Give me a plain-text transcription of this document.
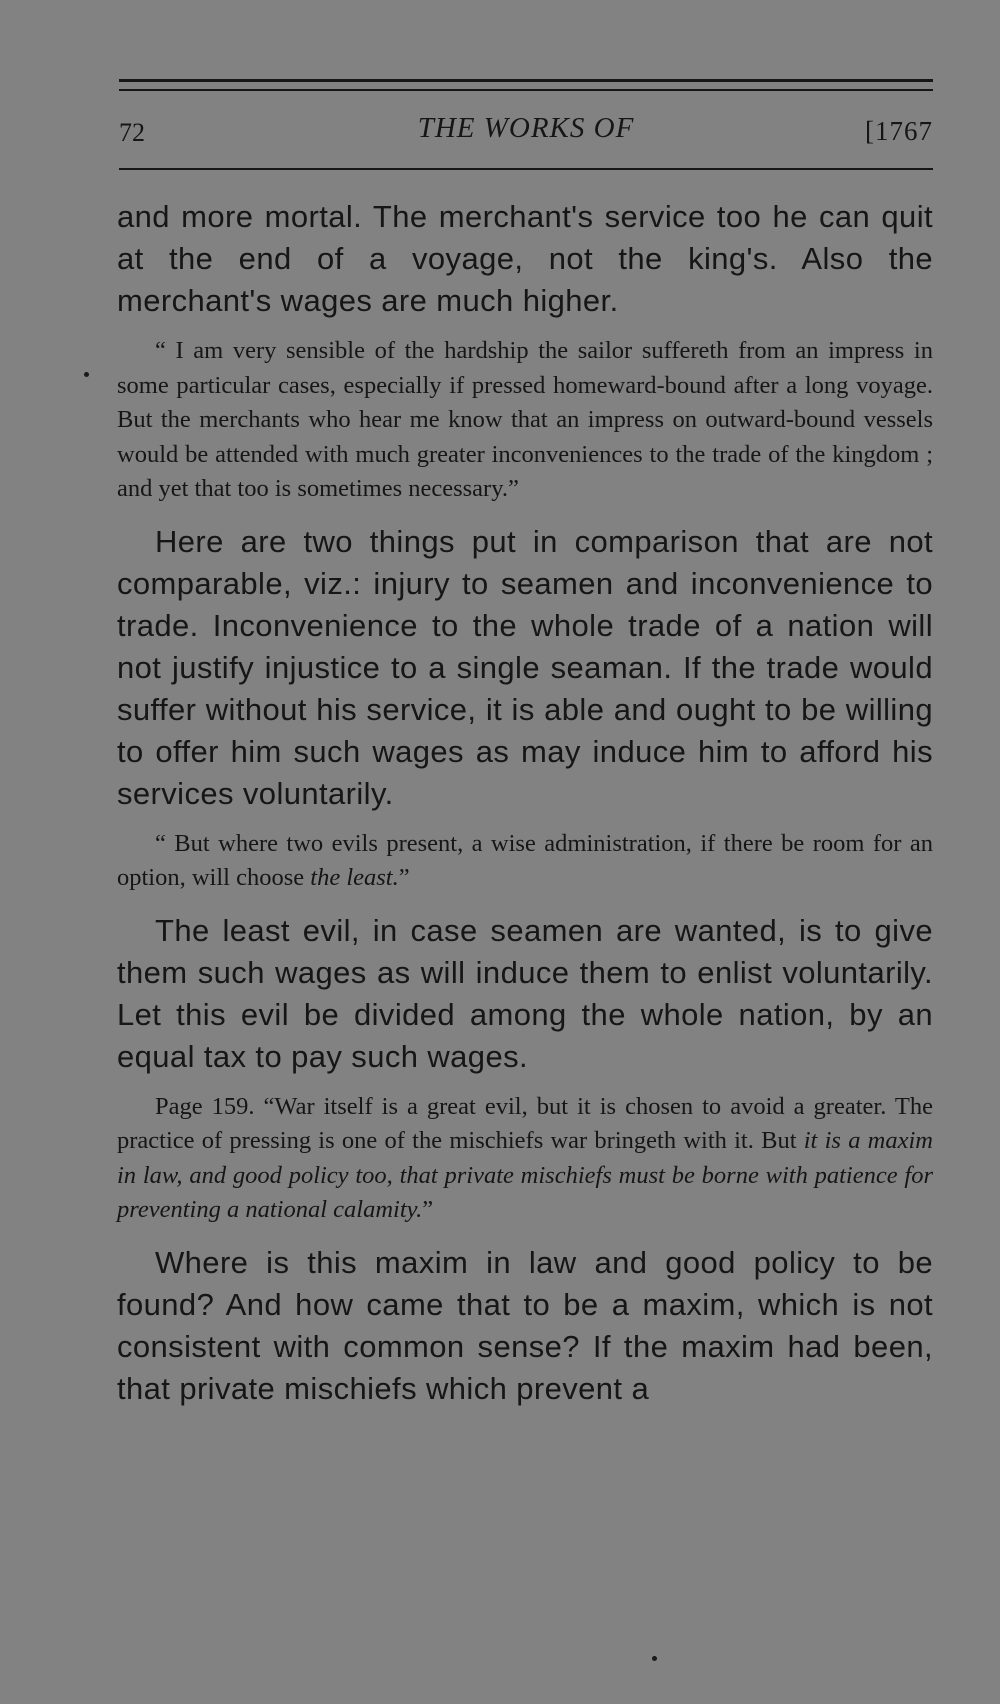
72	THE WORKS OF	[1767

and more mortal. The merchant's service too he can quit at the end of a voyage, not the king's. Also the merchant's wages are much higher.

“ I am very sensible of the hardship the sailor suffereth from an impress in some particular cases, especially if pressed homeward-bound after a long voyage. But the merchants who hear me know that an impress on outward-bound vessels would be attended with much greater inconveniences to the trade of the kingdom ; and yet that too is sometimes necessary.”

Here are two things put in comparison that are not comparable, viz.: injury to seamen and inconvenience to trade. Inconvenience to the whole trade of a nation will not justify injustice to a single seaman. If the trade would suffer without his service, it is able and ought to be willing to offer him such wages as may induce him to afford his services voluntarily.

“ But where two evils present, a wise administration, if there be room for an option, will choose the least.”

The least evil, in case seamen are wanted, is to give them such wages as will induce them to enlist voluntarily. Let this evil be divided among the whole nation, by an equal tax to pay such wages.

Page 159. “War itself is a great evil, but it is chosen to avoid a greater. The practice of pressing is one of the mischiefs war bringeth with it. But it is a maxim in law, and good policy too, that private mischiefs must be borne with patience for preventing a national calamity.”

Where is this maxim in law and good policy to be found? And how came that to be a maxim, which is not consistent with common sense? If the maxim had been, that private mischiefs which prevent a
